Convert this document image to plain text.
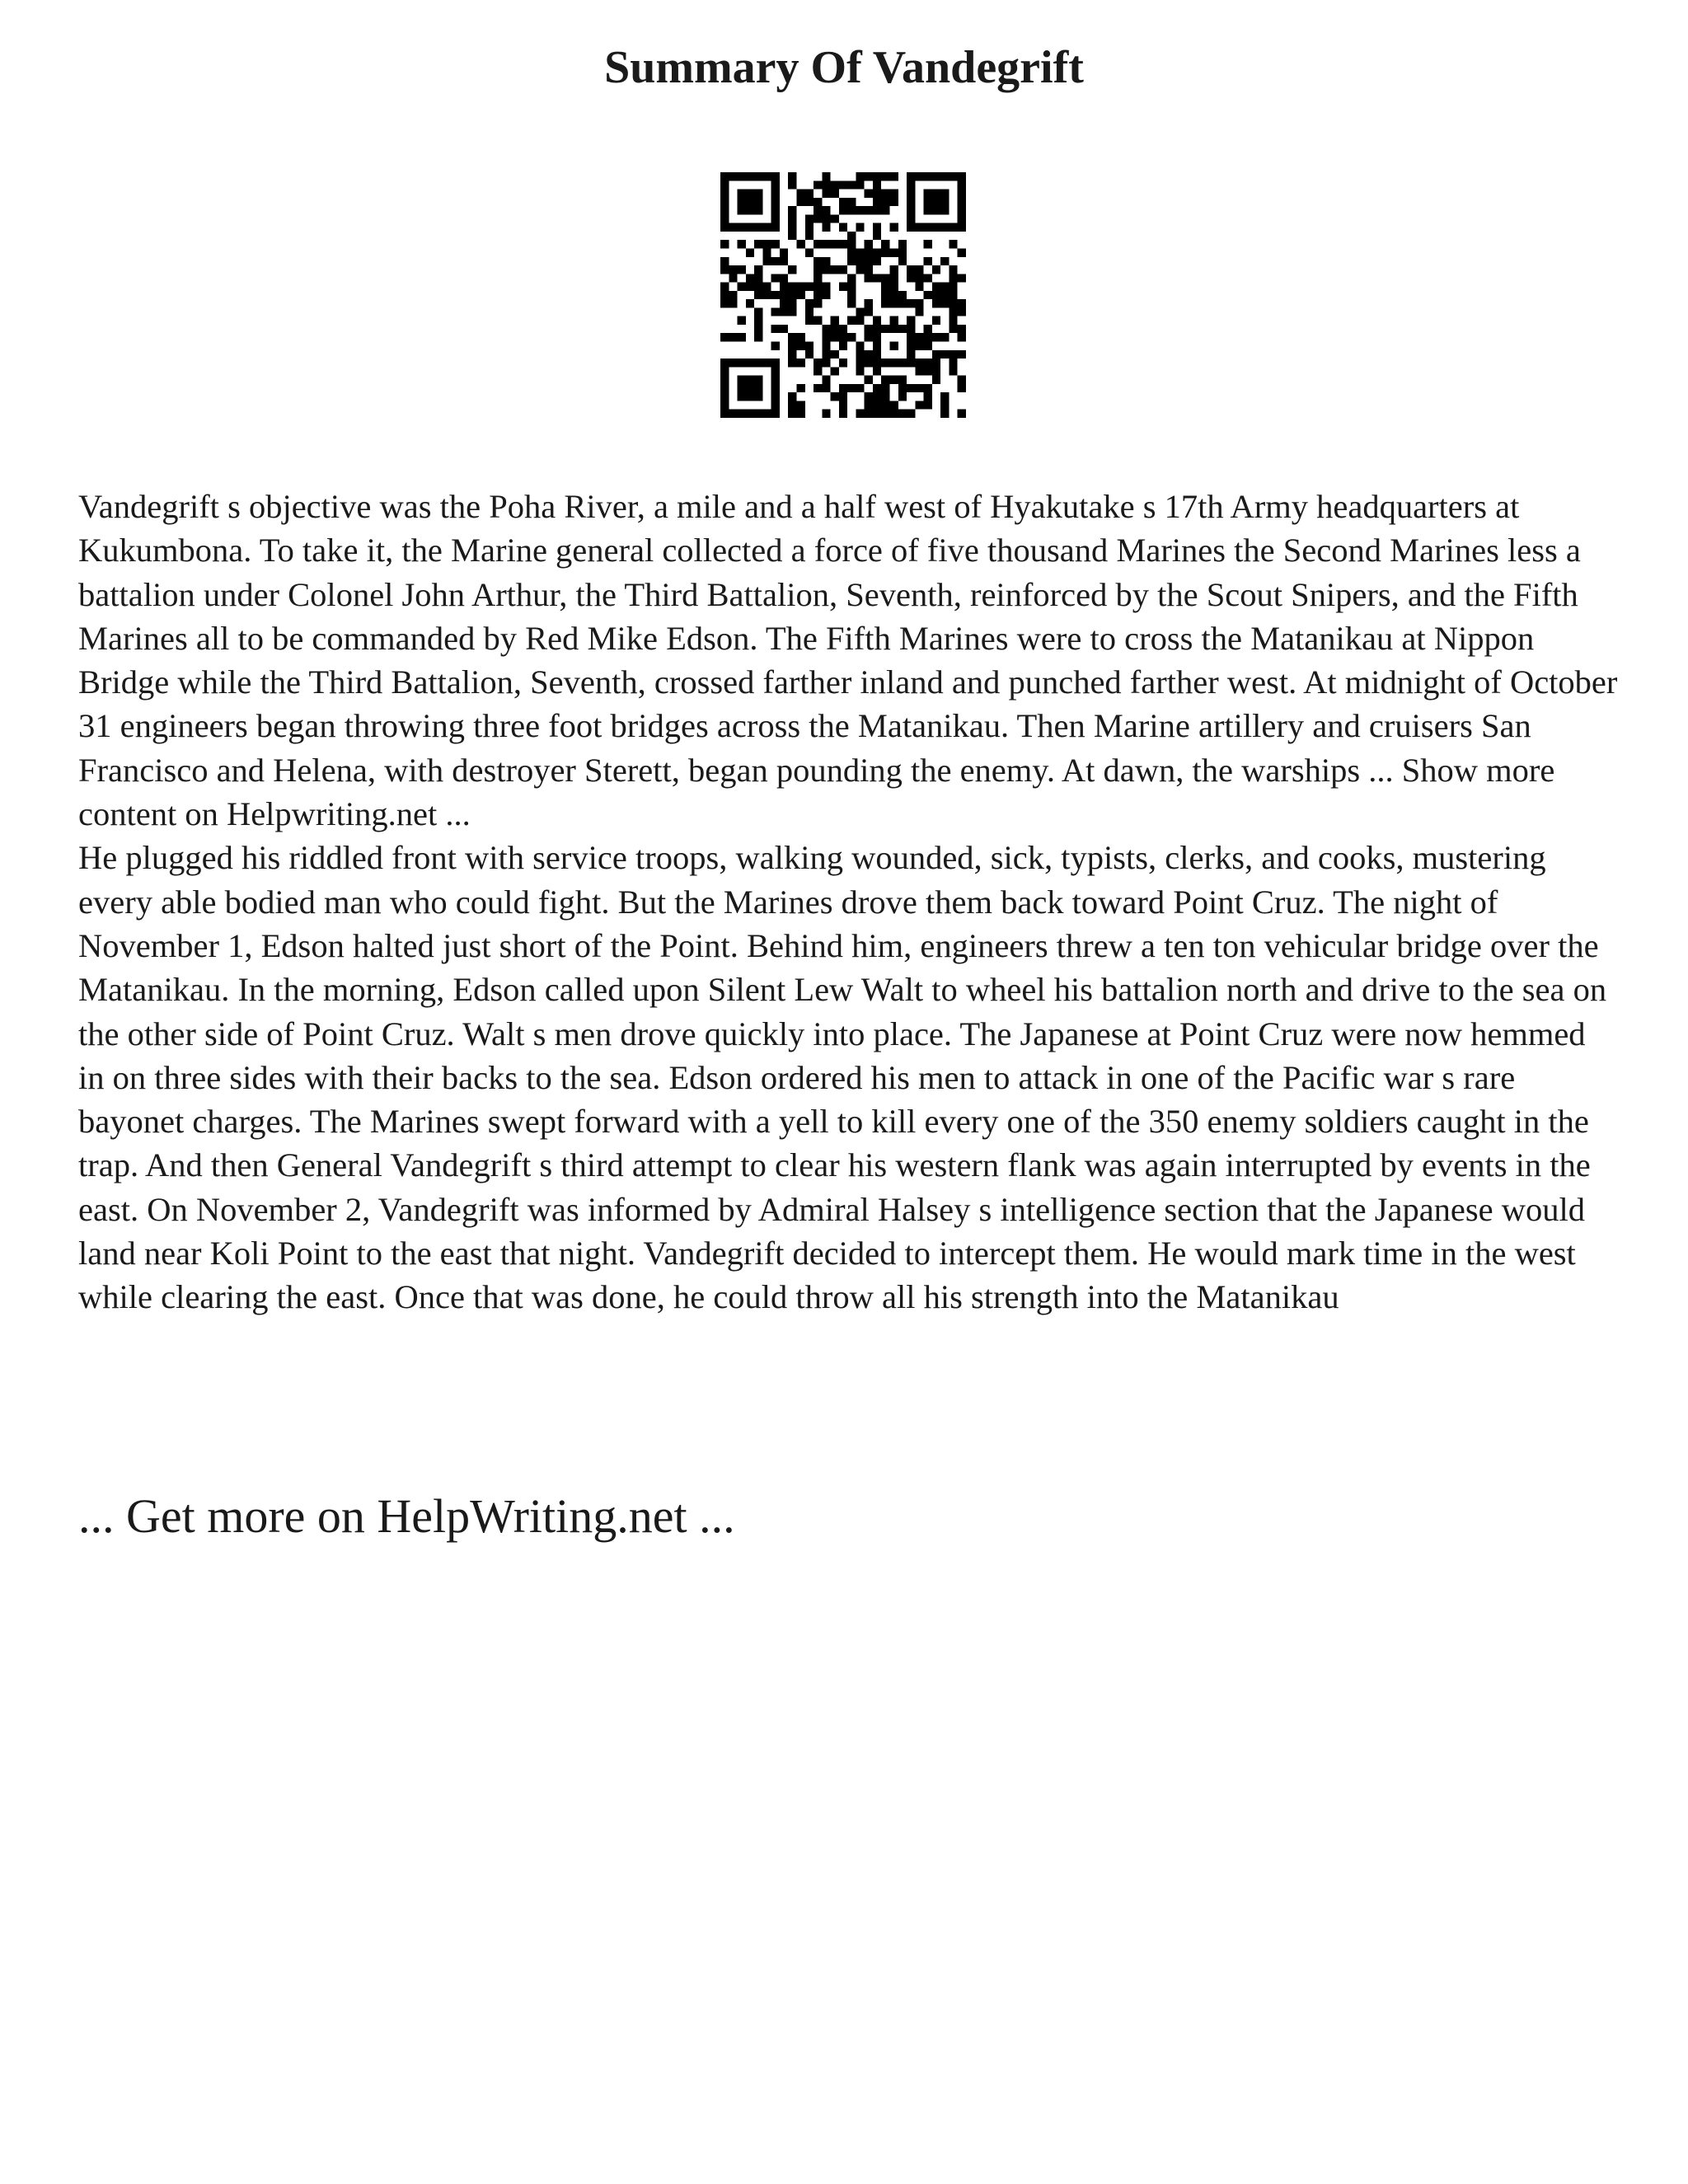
Summary Of Vandegrift

Vandegrift s objective was the Poha River, a mile and a half west of Hyakutake s 17th Army headquarters at Kukumbona. To take it, the Marine general collected a force of five thousand Marines the Second Marines less a battalion under Colonel John Arthur, the Third Battalion, Seventh, reinforced by the Scout Snipers, and the Fifth Marines all to be commanded by Red Mike Edson. The Fifth Marines were to cross the Matanikau at Nippon Bridge while the Third Battalion, Seventh, crossed farther inland and punched farther west. At midnight of October 31 engineers began throwing three foot bridges across the Matanikau. Then Marine artillery and cruisers San Francisco and Helena, with destroyer Sterett, began pounding the enemy. At dawn, the warships ... Show more content on Helpwriting.net ...

He plugged his riddled front with service troops, walking wounded, sick, typists, clerks, and cooks, mustering every able bodied man who could fight. But the Marines drove them back toward Point Cruz. The night of November 1, Edson halted just short of the Point. Behind him, engineers threw a ten ton vehicular bridge over the Matanikau. In the morning, Edson called upon Silent Lew Walt to wheel his battalion north and drive to the sea on the other side of Point Cruz. Walt s men drove quickly into place. The Japanese at Point Cruz were now hemmed in on three sides with their backs to the sea. Edson ordered his men to attack in one of the Pacific war s rare bayonet charges. The Marines swept forward with a yell to kill every one of the 350 enemy soldiers caught in the trap. And then General Vandegrift s third attempt to clear his western flank was again interrupted by events in the east. On November 2, Vandegrift was informed by Admiral Halsey s intelligence section that the Japanese would land near Koli Point to the east that night. Vandegrift decided to intercept them. He would mark time in the west while clearing the east. Once that was done, he could throw all his strength into the Matanikau

... Get more on HelpWriting.net ...
